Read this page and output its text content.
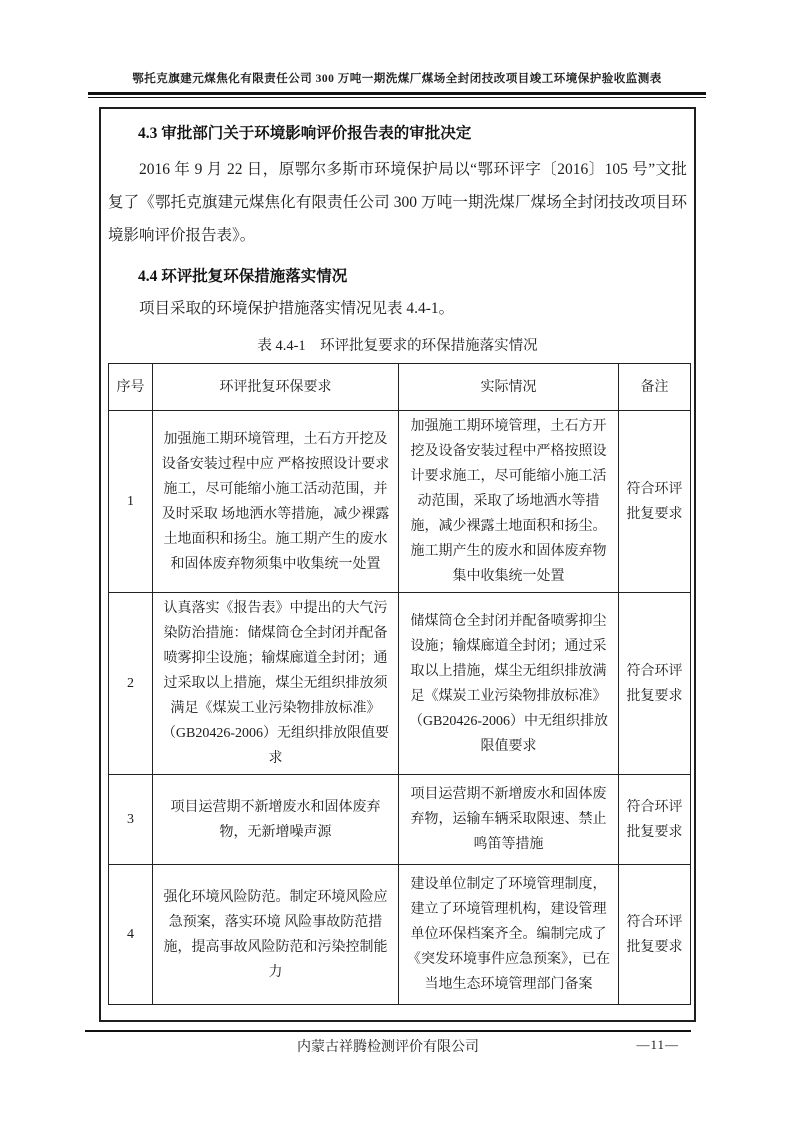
鄂托克旗建元煤焦化有限责任公司 300 万吨一期洗煤厂煤场全封闭技改项目竣工环境保护验收监测表
4.3 审批部门关于环境影响评价报告表的审批决定
2016 年 9 月 22 日，原鄂尔多斯市环境保护局以“鄂环评字〔2016〕105 号”文批复了《鄂托克旗建元煤焦化有限责任公司 300 万吨一期洗煤厂煤场全封闭技改项目环境影响评价报告表》。
4.4 环评批复环保措施落实情况
项目采取的环境保护措施落实情况见表 4.4-1。
表 4.4-1　环评批复要求的环保措施落实情况
序号	环评批复环保要求	实际情况	备注
1	加强施工期环境管理，土石方开挖及设备安装过程中应 严格按照设计要求施工，尽可能缩小施工活动范围，并及时采取 场地洒水等措施，减少裸露土地面积和扬尘。施工期产生的废水 和固体废弃物须集中收集统一处置	加强施工期环境管理，土石方开挖及设备安装过程中严格按照设计要求施工，尽可能缩小施工活动范围，采取了场地洒水等措施，减少裸露土地面积和扬尘。施工期产生的废水和固体废弃物集中收集统一处置	符合环评批复要求
2	认真落实《报告表》中提出的大气污染防治措施：储煤筒仓全封闭并配备喷雾抑尘设施；输煤廊道全封闭；通过采取以上措施，煤尘无组织排放须满足《煤炭工业污染物排放标准》（GB20426-2006）无组织排放限值要求	储煤筒仓全封闭并配备喷雾抑尘设施；输煤廊道全封闭；通过采取以上措施，煤尘无组织排放满足《煤炭工业污染物排放标准》（GB20426-2006）中无组织排放限值要求	符合环评批复要求
3	项目运营期不新增废水和固体废弃物，无新增噪声源	项目运营期不新增废水和固体废弃物，运输车辆采取限速、禁止鸣笛等措施	符合环评批复要求
4	强化环境风险防范。制定环境风险应急预案，落实环境 风险事故防范措施，提高事故风险防范和污染控制能力	建设单位制定了环境管理制度，建立了环境管理机构，建设管理单位环保档案齐全。编制完成了《突发环境事件应急预案》，已在当地生态环境管理部门备案	符合环评批复要求
内蒙古祥腾检测评价有限公司	—11—
